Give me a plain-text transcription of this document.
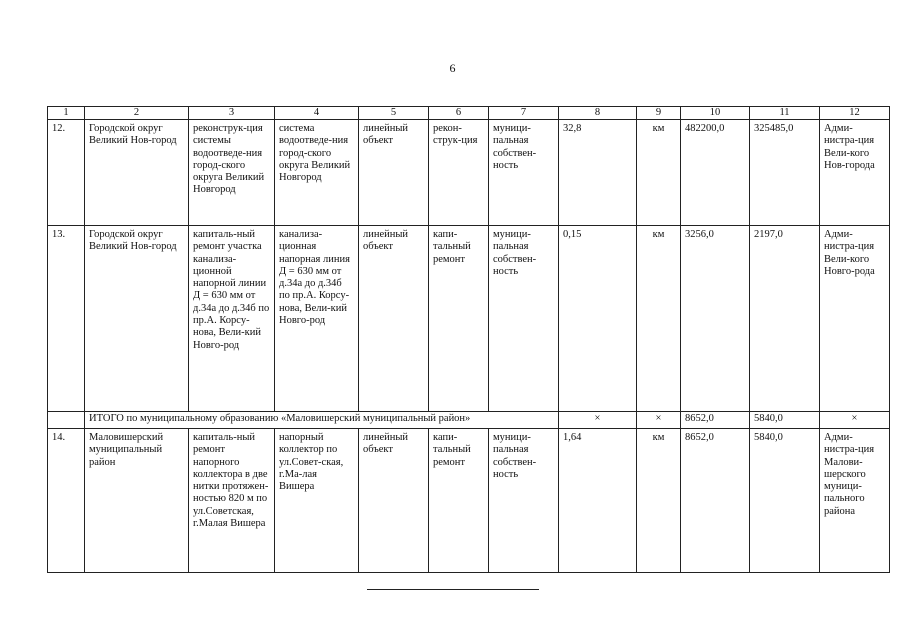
6
1	2	3	4	5	6	7	8	9	10	11	12
12.	Городской округ Великий Нов-город	реконструк-ция системы водоотведе-ния город-ского округа Великий Новгород	система водоотведе-ния город-ского округа Великий Новгород	линейный объект	рекон-струк-ция	муници-пальная собствен-ность	32,8	км	482200,0	325485,0	Адми-нистра-ция Вели-кого Нов-города
13.	Городской округ Великий Нов-город	капиталь-ный ремонт участка канализа-ционной напорной линии Д = 630 мм от д.34а до д.34б по пр.А. Корсу-нова, Вели-кий Новго-род	канализа-ционная напорная линия Д = 630 мм от д.34а до д.34б по пр.А. Корсу-нова, Вели-кий Новго-род	линейный объект	капи-тальный ремонт	муници-пальная собствен-ность	0,15	км	3256,0	2197,0	Адми-нистра-ция Вели-кого Новго-рода
	ИТОГО по муниципальному образованию «Маловишерский муниципальный район»						×	×	8652,0	5840,0	×
14.	Маловишерский муниципальный район	капиталь-ный ремонт напорного коллектора в две нитки протяжен-ностью 820 м по ул.Советская, г.Малая Вишера	напорный коллектор по ул.Совет-ская, г.Ма-лая Вишера	линейный объект	капи-тальный ремонт	муници-пальная собствен-ность	1,64	км	8652,0	5840,0	Адми-нистра-ция Малови-шерского муници-пального района
